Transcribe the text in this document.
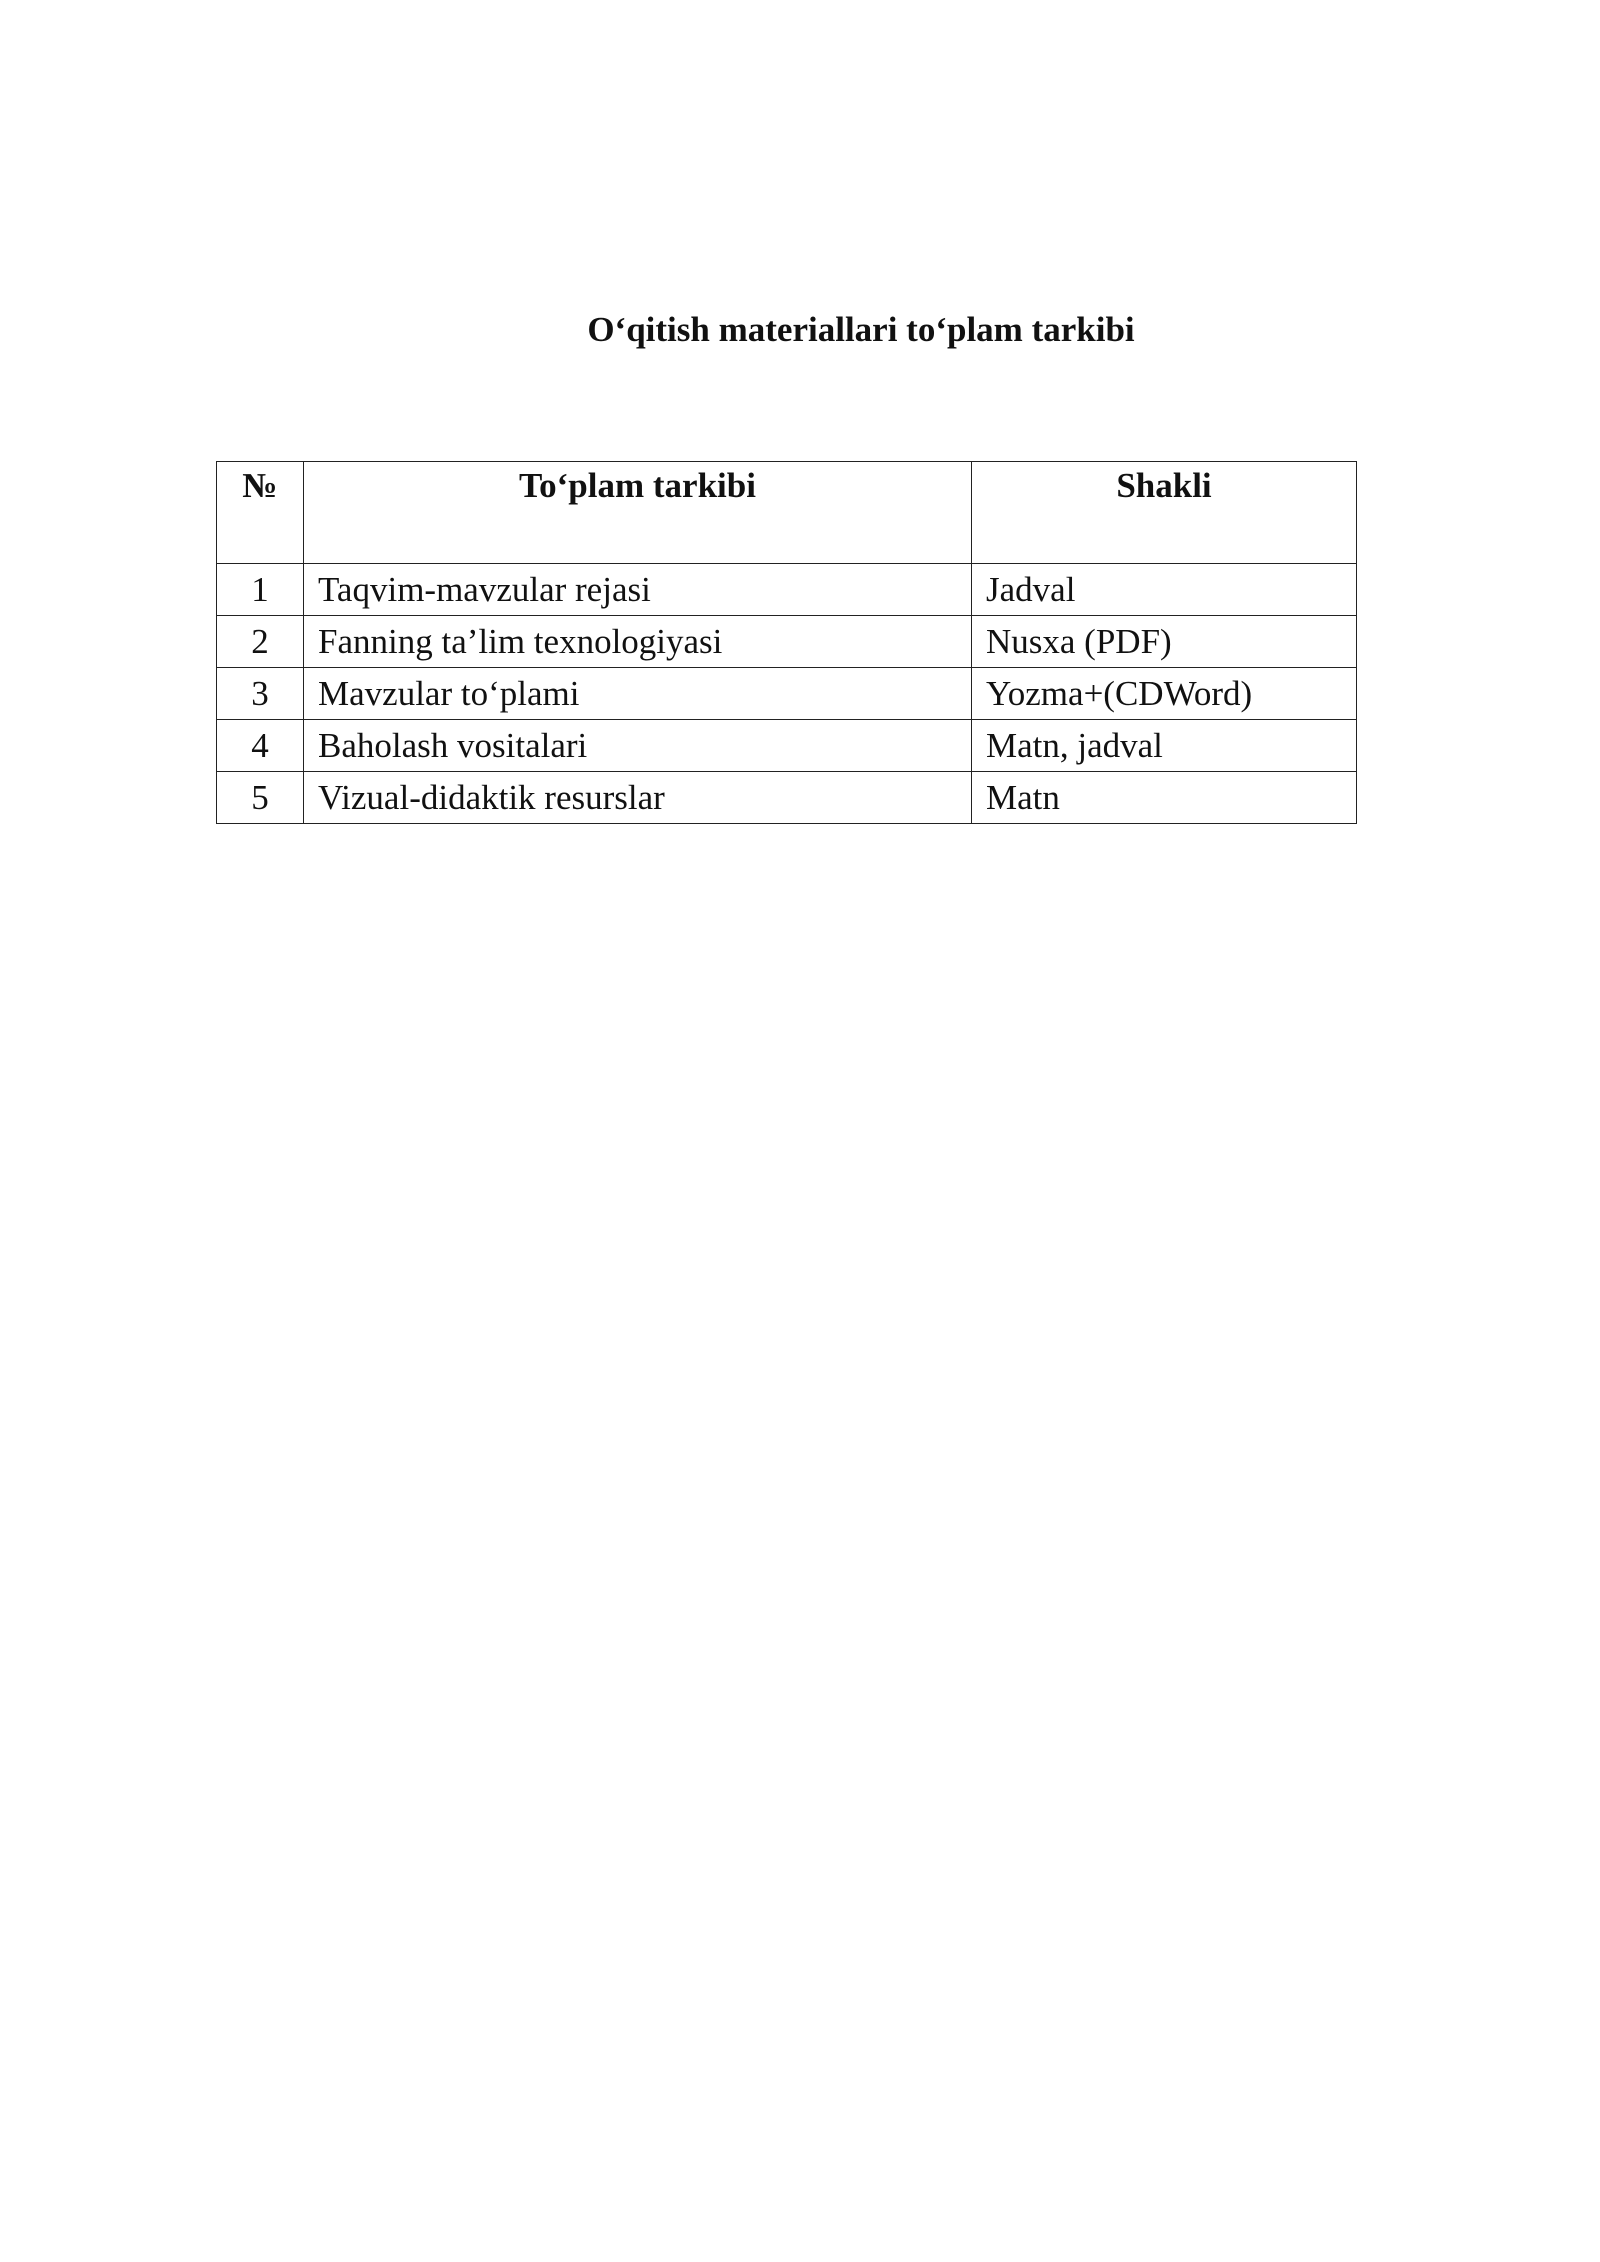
O‘qitish materiallari to‘plam tarkibi
№	To‘plam tarkibi	Shakli
1	Taqvim-mavzular rejasi	Jadval
2	Fanning ta’lim texnologiyasi	Nusxa (PDF)
3	Mavzular to‘plami	Yozma+(CDWord)
4	Baholash vositalari	Matn, jadval
5	Vizual-didaktik resurslar	Matn
